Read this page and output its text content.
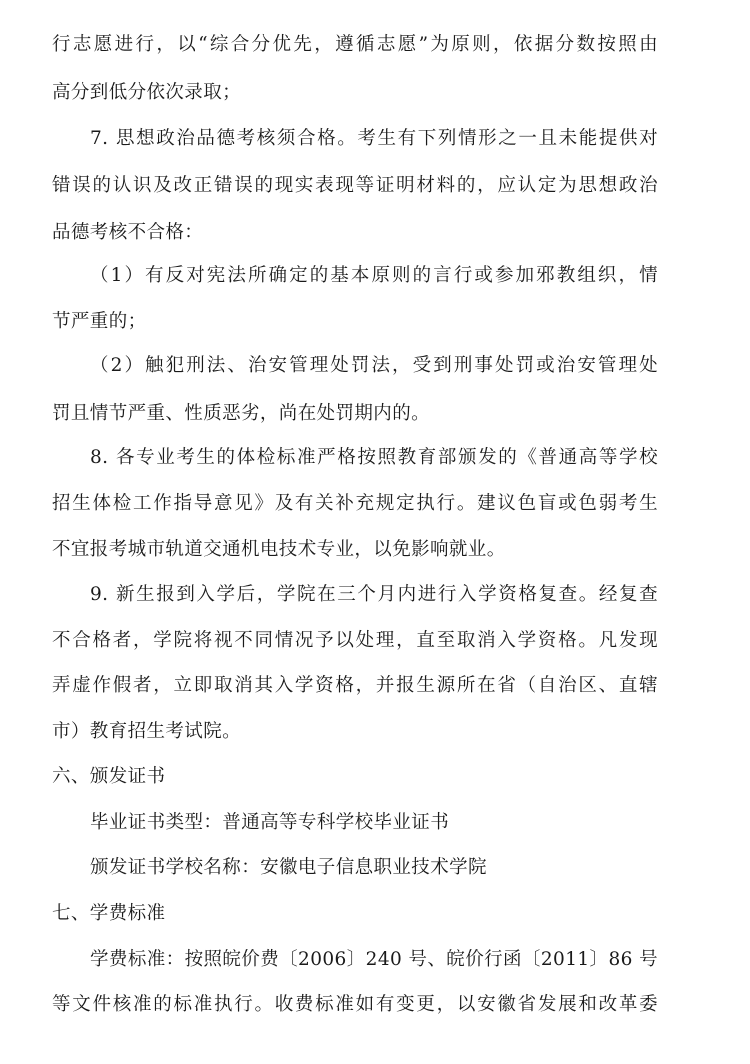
行志愿进行，以“综合分优先，遵循志愿”为原则，依据分数按照由
高分到低分依次录取；
7. 思想政治品德考核须合格。考生有下列情形之一且未能提供对
错误的认识及改正错误的现实表现等证明材料的，应认定为思想政治
品德考核不合格：
（1）有反对宪法所确定的基本原则的言行或参加邪教组织，情
节严重的；
（2）触犯刑法、治安管理处罚法，受到刑事处罚或治安管理处
罚且情节严重、性质恶劣，尚在处罚期内的。
8. 各专业考生的体检标准严格按照教育部颁发的《普通高等学校
招生体检工作指导意见》及有关补充规定执行。建议色盲或色弱考生
不宜报考城市轨道交通机电技术专业，以免影响就业。
9. 新生报到入学后，学院在三个月内进行入学资格复查。经复查
不合格者，学院将视不同情况予以处理，直至取消入学资格。凡发现
弄虚作假者，立即取消其入学资格，并报生源所在省（自治区、直辖
市）教育招生考试院。
六、颁发证书
毕业证书类型：普通高等专科学校毕业证书
颁发证书学校名称：安徽电子信息职业技术学院
七、学费标准
学费标准：按照皖价费〔2006〕240 号、皖价行函〔2011〕86 号
等文件核准的标准执行。收费标准如有变更，以安徽省发展和改革委
